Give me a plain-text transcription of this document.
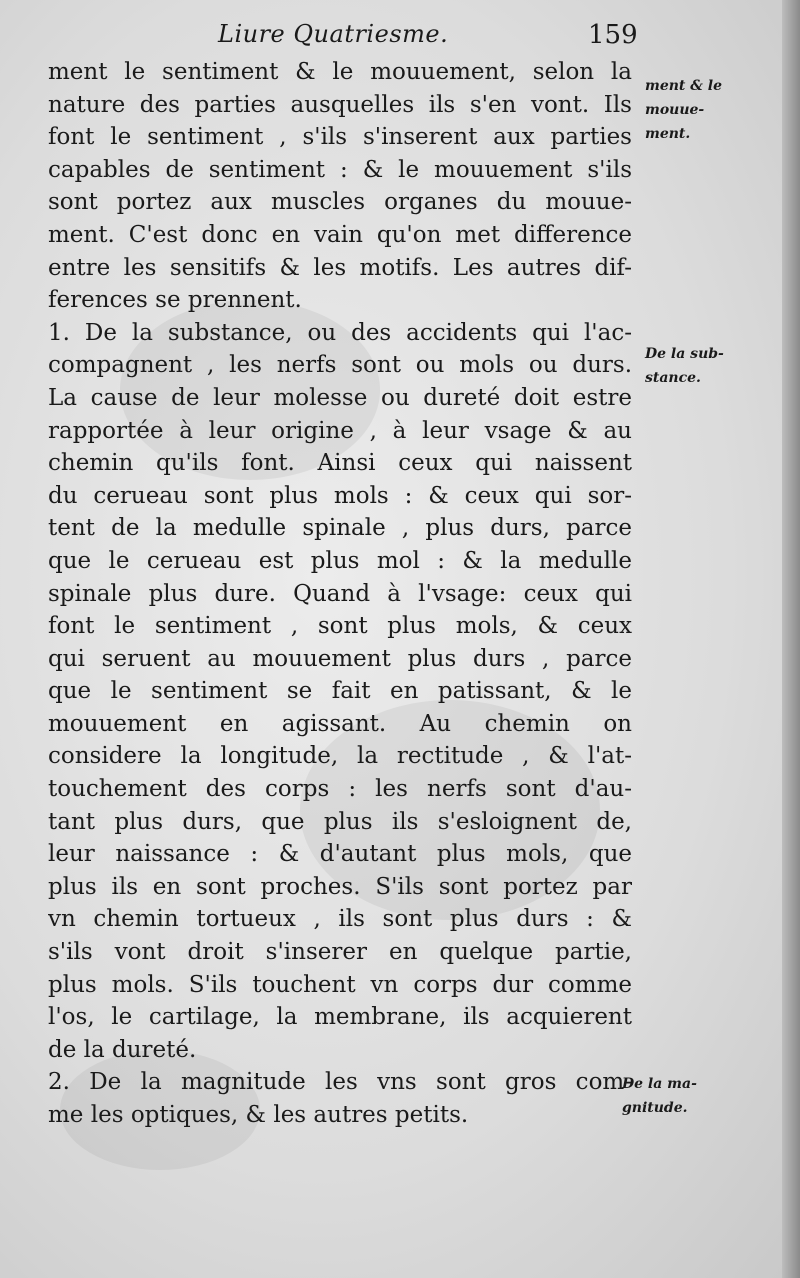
Liure Quatriesme.	159
ment le sentiment & le mouuement, selon la
nature des parties ausquelles ils s'en vont. Ils
font le sentiment , s'ils s'inserent aux parties
capables de sentiment : & le mouuement s'ils
sont portez aux muscles organes du mouue-
ment. C'est donc en vain qu'on met difference
entre les sensitifs & les motifs. Les autres dif-
ferences se prennent.
1. De la substance, ou des accidents qui l'ac-
compagnent , les nerfs sont ou mols ou durs.
La cause de leur molesse ou dureté doit estre
rapportée à leur origine , à leur vsage & au
chemin qu'ils font. Ainsi ceux qui naissent
du cerueau sont plus mols : & ceux qui sor-
tent de la medulle spinale , plus durs, parce
que le cerueau est plus mol : & la medulle
spinale plus dure. Quand à l'vsage: ceux qui
font le sentiment , sont plus mols, & ceux
qui seruent au mouuement plus durs , parce
que le sentiment se fait en patissant, & le
mouuement en agissant. Au chemin on
considere la longitude, la rectitude , & l'at-
touchement des corps : les nerfs sont d'au-
tant plus durs, que plus ils s'esloignent de,
leur naissance : & d'autant plus mols, que
plus ils en sont proches. S'ils sont portez par
vn chemin tortueux , ils sont plus durs : &
s'ils vont droit s'inserer en quelque partie,
plus mols. S'ils touchent vn corps dur comme
l'os, le cartilage, la membrane, ils acquierent
de la dureté.
2. De la magnitude les vns sont gros com-
me les optiques, & les autres petits.
ment & le
mouue-
ment.
De la sub-
stance.
De la ma-
gnitude.
